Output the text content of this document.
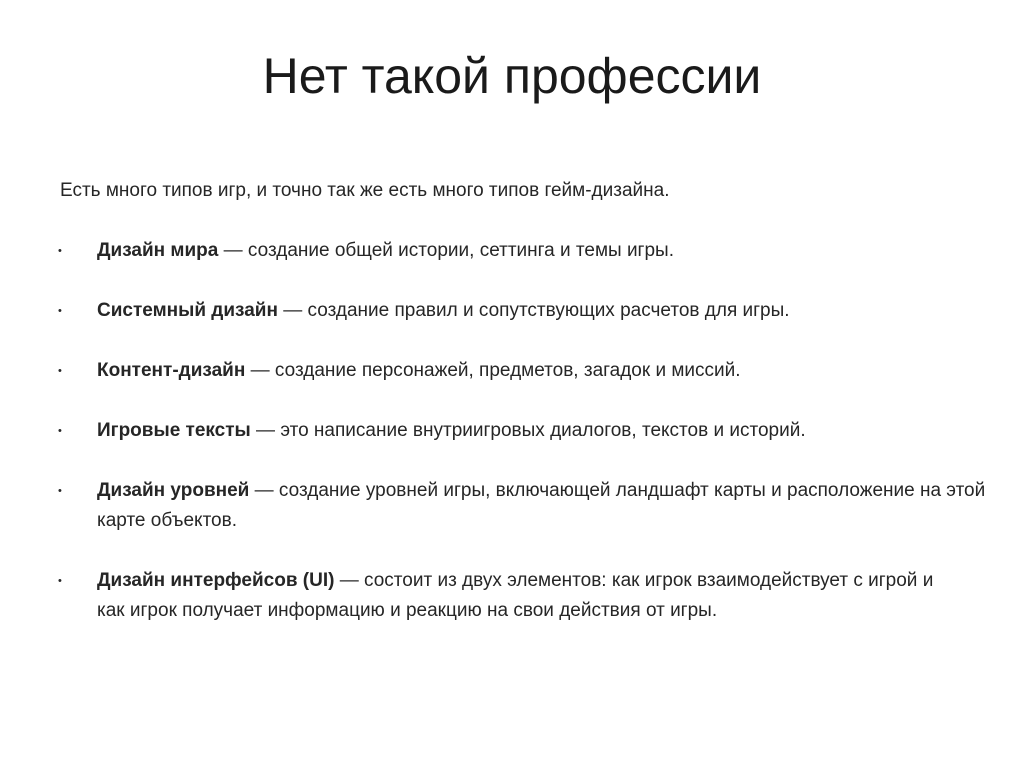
Нет такой профессии

Есть много типов игр, и точно так же есть много типов гейм-дизайна.

• Дизайн мира — создание общей истории, сеттинга и темы игры.
• Системный дизайн — создание правил и сопутствующих расчетов для игры.
• Контент-дизайн — создание персонажей, предметов, загадок и миссий.
• Игровые тексты — это написание внутриигровых диалогов, текстов и историй.
• Дизайн уровней — создание уровней игры, включающей ландшафт карты и расположение на этой карте объектов.
• Дизайн интерфейсов (UI) — состоит из двух элементов: как игрок взаимодействует с игрой и как игрок получает информацию и реакцию на свои действия от игры.
